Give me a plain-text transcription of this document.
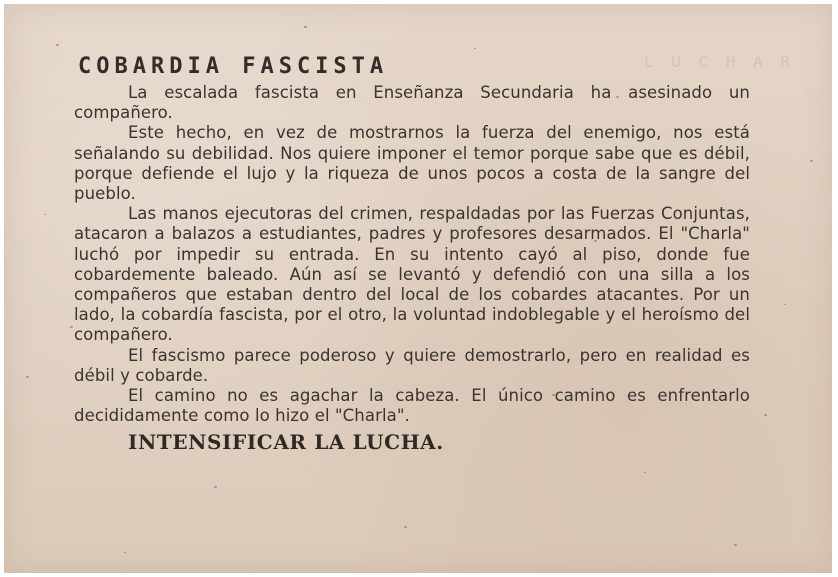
L U C H A R
COBARDIA FASCISTA

La escalada fascista en Enseñanza Secundaria ha asesinado un compañero.

Este hecho, en vez de mostrarnos la fuerza del enemigo, nos está señalando su debilidad. Nos quiere imponer el temor porque sabe que es débil, porque defiende el lujo y la riqueza de unos pocos a costa de la sangre del pueblo.

Las manos ejecutoras del crimen, respaldadas por las Fuerzas Conjuntas, atacaron a balazos a estudiantes, padres y profesores desarmados. El "Charla" luchó por impedir su entrada. En su intento cayó al piso, donde fue cobardemente baleado. Aún así se levantó y defendió con una silla a los compañeros que estaban dentro del local de los cobardes atacantes. Por un lado, la cobardía fascista, por el otro, la voluntad indoblegable y el heroísmo del compañero.

El fascismo parece poderoso y quiere demostrarlo, pero en realidad es débil y cobarde.

El camino no es agachar la cabeza. El único camino es enfrentarlo decididamente como lo hizo el "Charla".

INTENSIFICAR LA LUCHA.
